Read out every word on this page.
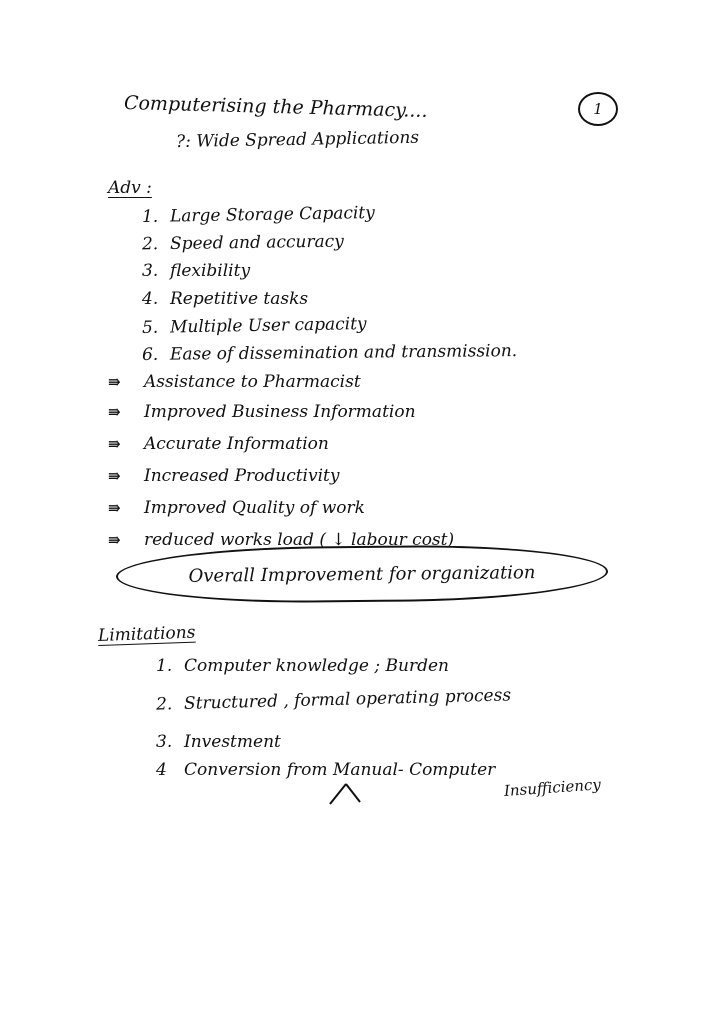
Computerising the Pharmacy....	1
?: Wide Spread Applications
Adv :
1. Large Storage Capacity
2. Speed and accuracy
3. flexibility
4. Repetitive tasks
5. Multiple User capacity
6. Ease of dissemination and transmission.
⇛ Assistance to Pharmacist
⇛ Improved Business Information
⇛ Accurate Information
⇛ Increased Productivity
⇛ Improved Quality of work
⇛ reduced works load ( ↓ labour cost)
Overall Improvement for organization
Limitations
1. Computer knowledge ; Burden
2. Structured , formal operating process
3. Investment
4 Conversion from Manual- Computer
Insufficiency
